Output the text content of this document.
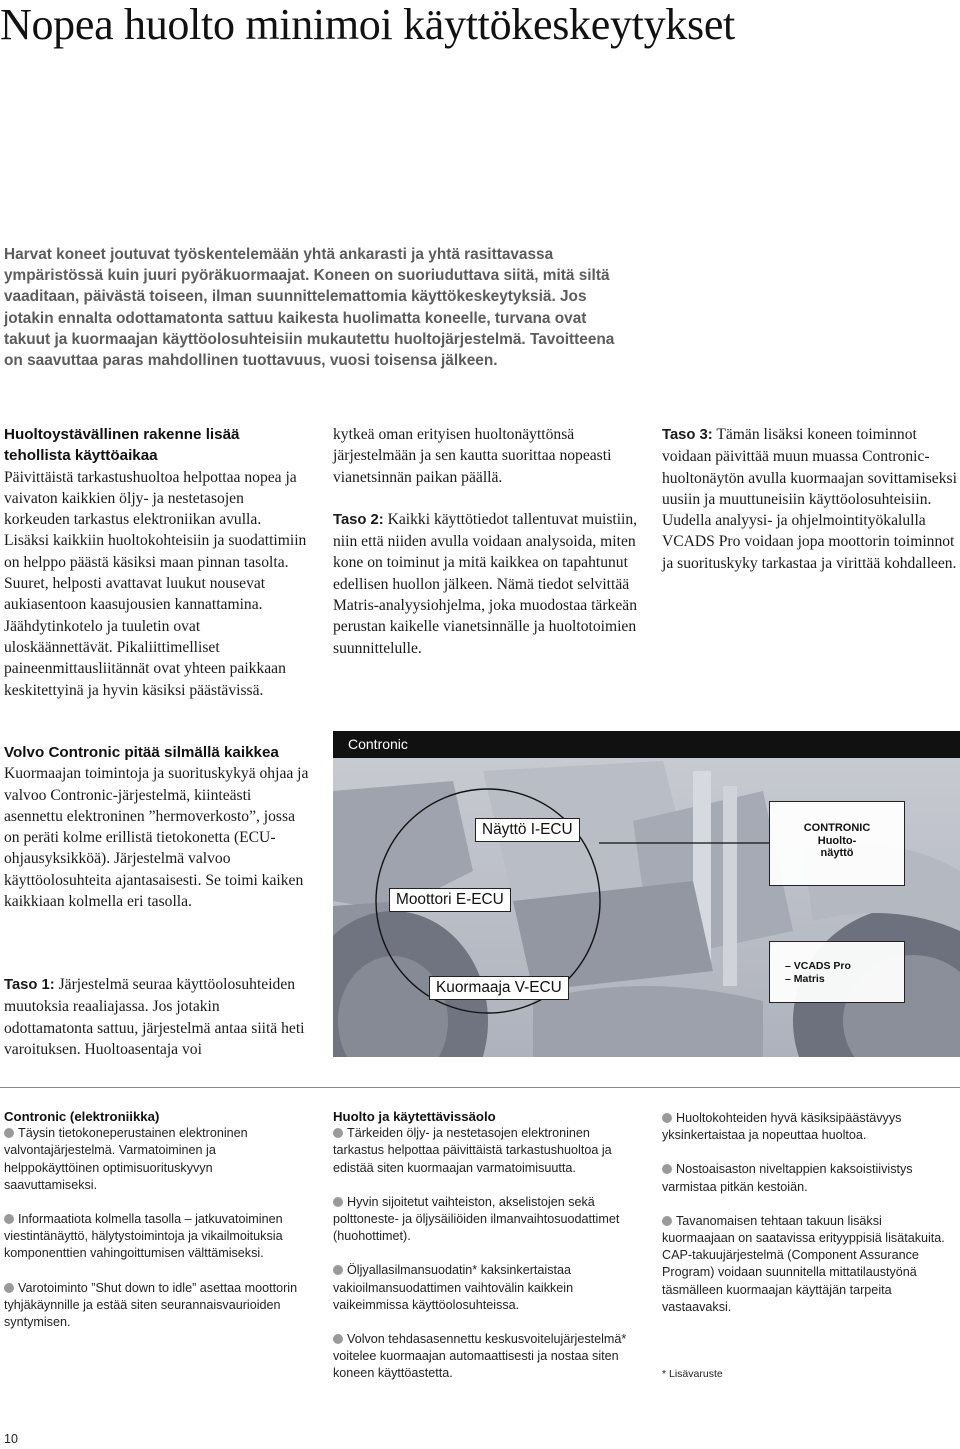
Nopea huolto minimoi käyttökeskeytykset

Harvat koneet joutuvat työskentelemään yhtä ankarasti ja yhtä rasittavassa ympäristössä kuin juuri pyöräkuormaajat. Koneen on suoriuduttava siitä, mitä siltä vaaditaan, päivästä toiseen, ilman suunnittelemattomia käyttökeskeytyksiä. Jos jotakin ennalta odottamatonta sattuu kaikesta huolimatta koneelle, turvana ovat takuut ja kuormaajan käyttöolosuhteisiin mukautettu huoltojärjestelmä. Tavoitteena on saavuttaa paras mahdollinen tuottavuus, vuosi toisensa jälkeen.

Huoltoystävällinen rakenne lisää tehollista käyttöaikaa

Päivittäistä tarkastushuoltoa helpottaa nopea ja vaivaton kaikkien öljy- ja nestetasojen korkeuden tarkastus elektroniikan avulla. Lisäksi kaikkiin huoltokohteisiin ja suodattimiin on helppo päästä käsiksi maan pinnan tasolta. Suuret, helposti avattavat luukut nousevat aukiasentoon kaasujousien kannattamina. Jäähdytinkotelo ja tuuletin ovat uloskäännettävät. Pikaliittimelliset paineenmittausliitännät ovat yhteen paikkaan keskitettyinä ja hyvin käsiksi päästävissä.

Volvo Contronic pitää silmällä kaikkea

Kuormaajan toimintoja ja suorituskykyä ohjaa ja valvoo Contronic-järjestelmä, kiinteästi asennettu elektroninen ”hermoverkosto”, jossa on peräti kolme erillistä tietokonetta (ECU-ohjausyksikköä). Järjestelmä valvoo käyttöolosuhteita ajantasaisesti. Se toimi kaiken kaikkiaan kolmella eri tasolla.

Taso 1: Järjestelmä seuraa käyttöolosuhteiden muutoksia reaaliajassa. Jos jotakin odottamatonta sattuu, järjestelmä antaa siitä heti varoituksen. Huoltoasentaja voi

kytkeä oman erityisen huoltonäyttönsä järjestelmään ja sen kautta suorittaa nopeasti vianetsinnän paikan päällä.

Taso 2: Kaikki käyttötiedot tallentuvat muistiin, niin että niiden avulla voidaan analysoida, miten kone on toiminut ja mitä kaikkea on tapahtunut edellisen huollon jälkeen. Nämä tiedot selvittää Matris-analyysiohjelma, joka muodostaa tärkeän perustan kaikelle vianetsinnälle ja huoltotoimien suunnittelulle.

Taso 3: Tämän lisäksi koneen toiminnot voidaan päivittää muun muassa Contronic-huoltonäytön avulla kuormaajan sovittamiseksi uusiin ja muuttuneisiin käyttöolosuhteisiin. Uudella analyysi- ja ohjelmointityökalulla VCADS Pro voidaan jopa moottorin toiminnot ja suorituskyky tarkastaa ja virittää kohdalleen.

Contronic
Näyttö I-ECU
Moottori E-ECU
Kuormaaja V-ECU
CONTRONIC
Huolto-
näyttö
– VCADS Pro
– Matris

Contronic (elektroniikka)
Täysin tietokoneperustainen elektroninen valvontajärjestelmä. Varmatoiminen ja helppokäyttöinen optimisuorituskyvyn saavuttamiseksi.

Informaatiota kolmella tasolla – jatkuvatoiminen viestintänäyttö, hälytystoimintoja ja vikailmoituksia komponenttien vahingoittumisen välttämiseksi.

Varotoiminto ”Shut down to idle” asettaa moottorin tyhjäkäynnille ja estää siten seurannaisvaurioiden syntymisen.

Huolto ja käytettävissäolo
Tärkeiden öljy- ja nestetasojen elektroninen tarkastus helpottaa päivittäistä tarkastushuoltoa ja edistää siten kuormaajan varmatoimisuutta.

Hyvin sijoitetut vaihteiston, akselistojen sekä polttoneste- ja öljysäiliöiden ilmanvaihtosuodattimet (huohottimet).

Öljyallasilmansuodatin* kaksinkertaistaa vakioilmansuodattimen vaihtovälin kaikkein vaikeimmissa käyttöolosuhteissa.

Volvon tehdasasennettu keskusvoitelujärjestelmä* voitelee kuormaajan automaattisesti ja nostaa siten koneen käyttöastetta.

Huoltokohteiden hyvä käsiksipäästävyys yksinkertaistaa ja nopeuttaa huoltoa.

Nostoaisaston niveltappien kaksoistiivistys varmistaa pitkän kestoiän.

Tavanomaisen tehtaan takuun lisäksi kuormaajaan on saatavissa erityyppisiä lisätakuita. CAP-takuujärjestelmä (Component Assurance Program) voidaan suunnitella mittatilaustyönä täsmälleen kuormaajan käyttäjän tarpeita vastaavaksi.

* Lisävaruste
10
